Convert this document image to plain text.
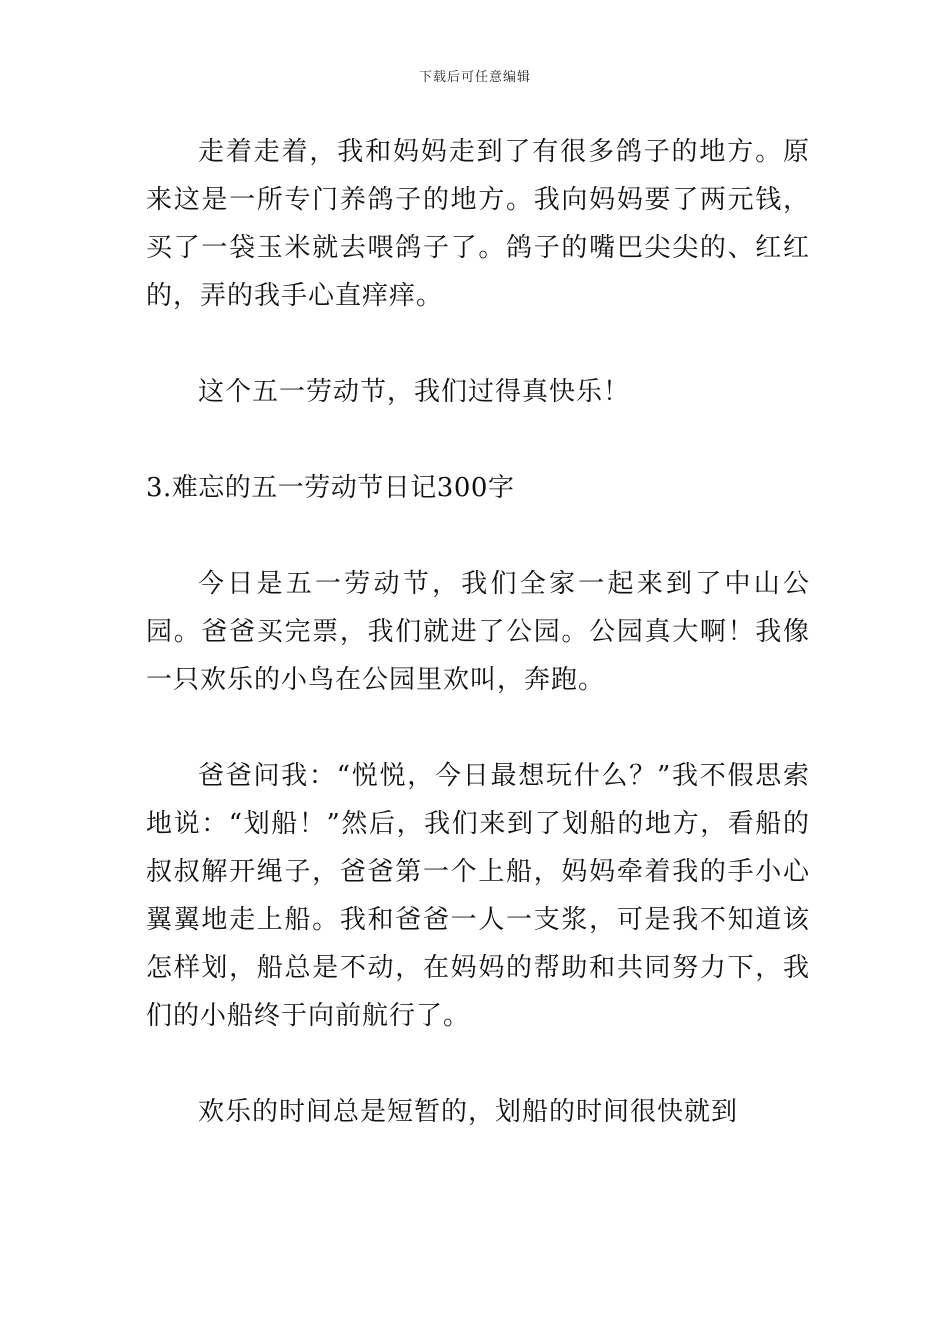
下载后可任意编辑

走着走着，我和妈妈走到了有很多鸽子的地方。原来这是一所专门养鸽子的地方。我向妈妈要了两元钱，买了一袋玉米就去喂鸽子了。鸽子的嘴巴尖尖的、红红的，弄的我手心直痒痒。

这个五一劳动节，我们过得真快乐！

3.难忘的五一劳动节日记300字

今日是五一劳动节，我们全家一起来到了中山公园。爸爸买完票，我们就进了公园。公园真大啊！我像一只欢乐的小鸟在公园里欢叫，奔跑。

爸爸问我：“悦悦，今日最想玩什么？”我不假思索地说：“划船！”然后，我们来到了划船的地方，看船的叔叔解开绳子，爸爸第一个上船，妈妈牵着我的手小心翼翼地走上船。我和爸爸一人一支浆，可是我不知道该怎样划，船总是不动，在妈妈的帮助和共同努力下，我们的小船终于向前航行了。

欢乐的时间总是短暂的，划船的时间很快就到
